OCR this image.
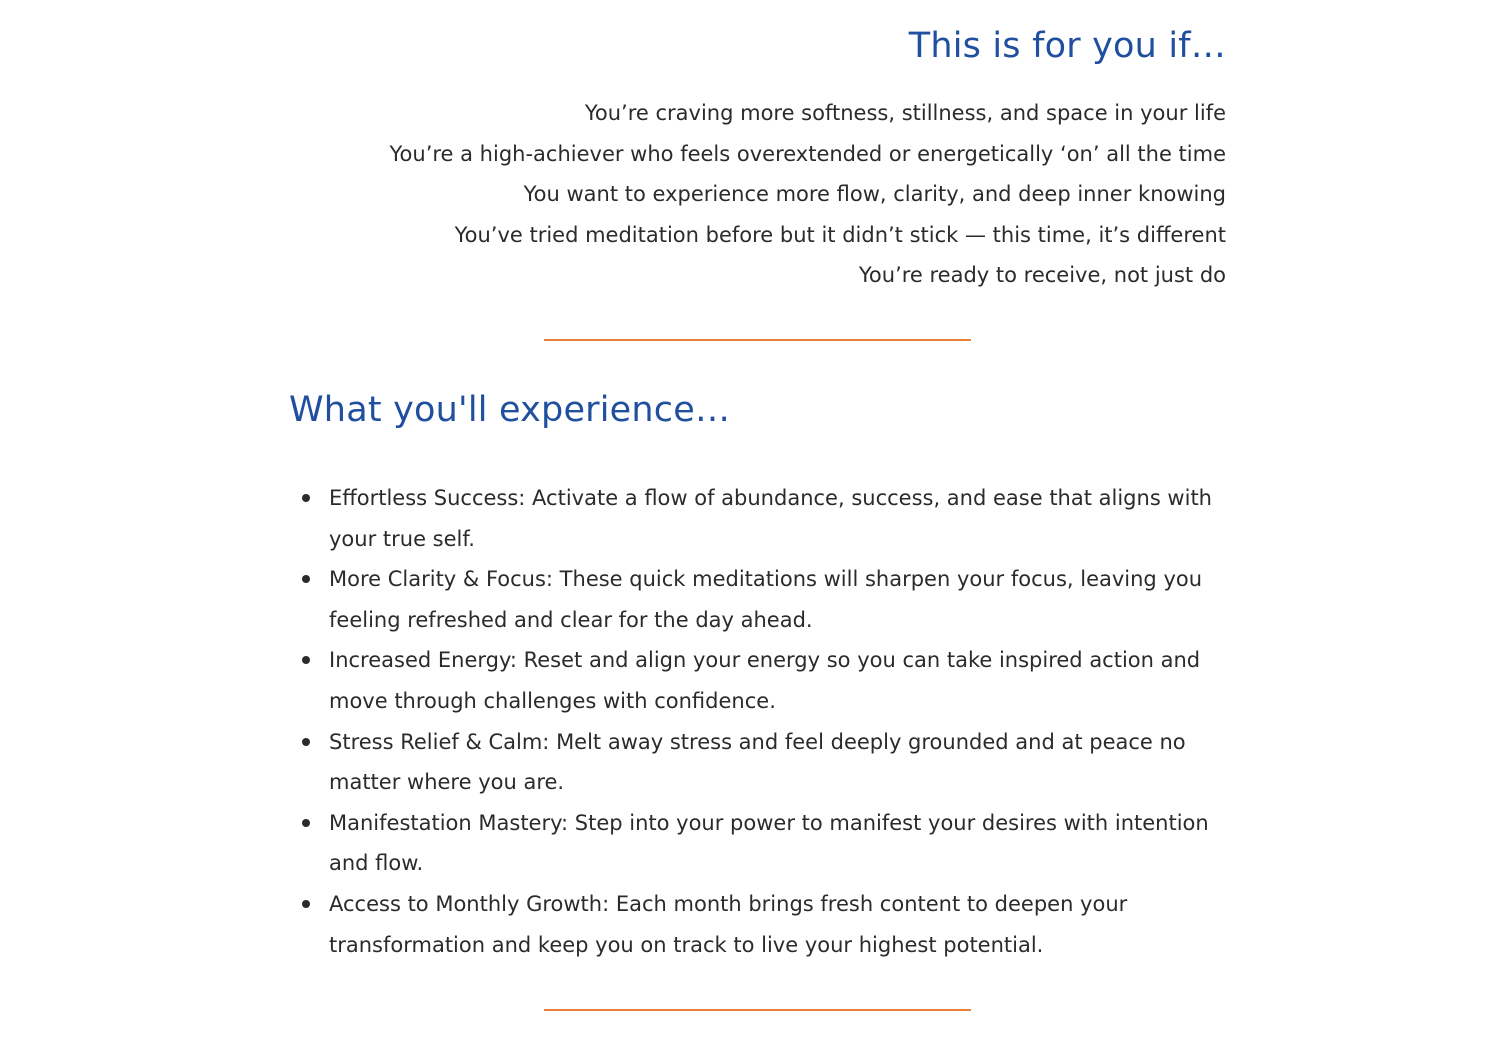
This is for you if…
You’re craving more softness, stillness, and space in your life
You’re a high-achiever who feels overextended or energetically ‘on’ all the time
You want to experience more flow, clarity, and deep inner knowing
You’ve tried meditation before but it didn’t stick — this time, it’s different
You’re ready to receive, not just do
What you'll experience…
Effortless Success: Activate a flow of abundance, success, and ease that aligns with your true self.
More Clarity & Focus: These quick meditations will sharpen your focus, leaving you feeling refreshed and clear for the day ahead.
Increased Energy: Reset and align your energy so you can take inspired action and move through challenges with confidence.
Stress Relief & Calm: Melt away stress and feel deeply grounded and at peace no matter where you are.
Manifestation Mastery: Step into your power to manifest your desires with intention and flow.
Access to Monthly Growth: Each month brings fresh content to deepen your transformation and keep you on track to live your highest potential.
